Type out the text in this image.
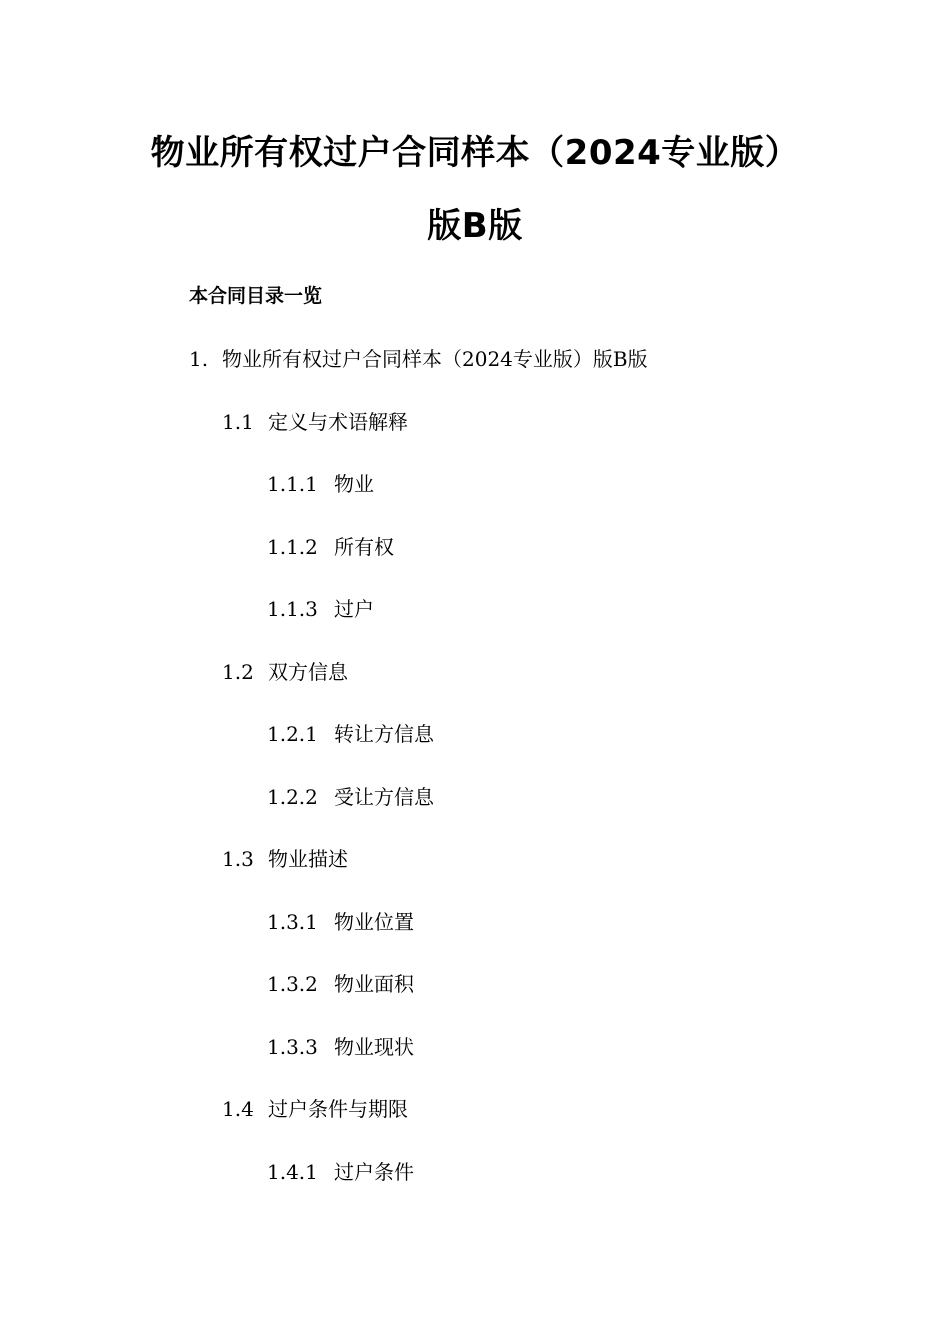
物业所有权过户合同样本（2024专业版）
版B版
本合同目录一览
1. 物业所有权过户合同样本（2024专业版）版B版
1.1 定义与术语解释
1.1.1 物业
1.1.2 所有权
1.1.3 过户
1.2 双方信息
1.2.1 转让方信息
1.2.2 受让方信息
1.3 物业描述
1.3.1 物业位置
1.3.2 物业面积
1.3.3 物业现状
1.4 过户条件与期限
1.4.1 过户条件
